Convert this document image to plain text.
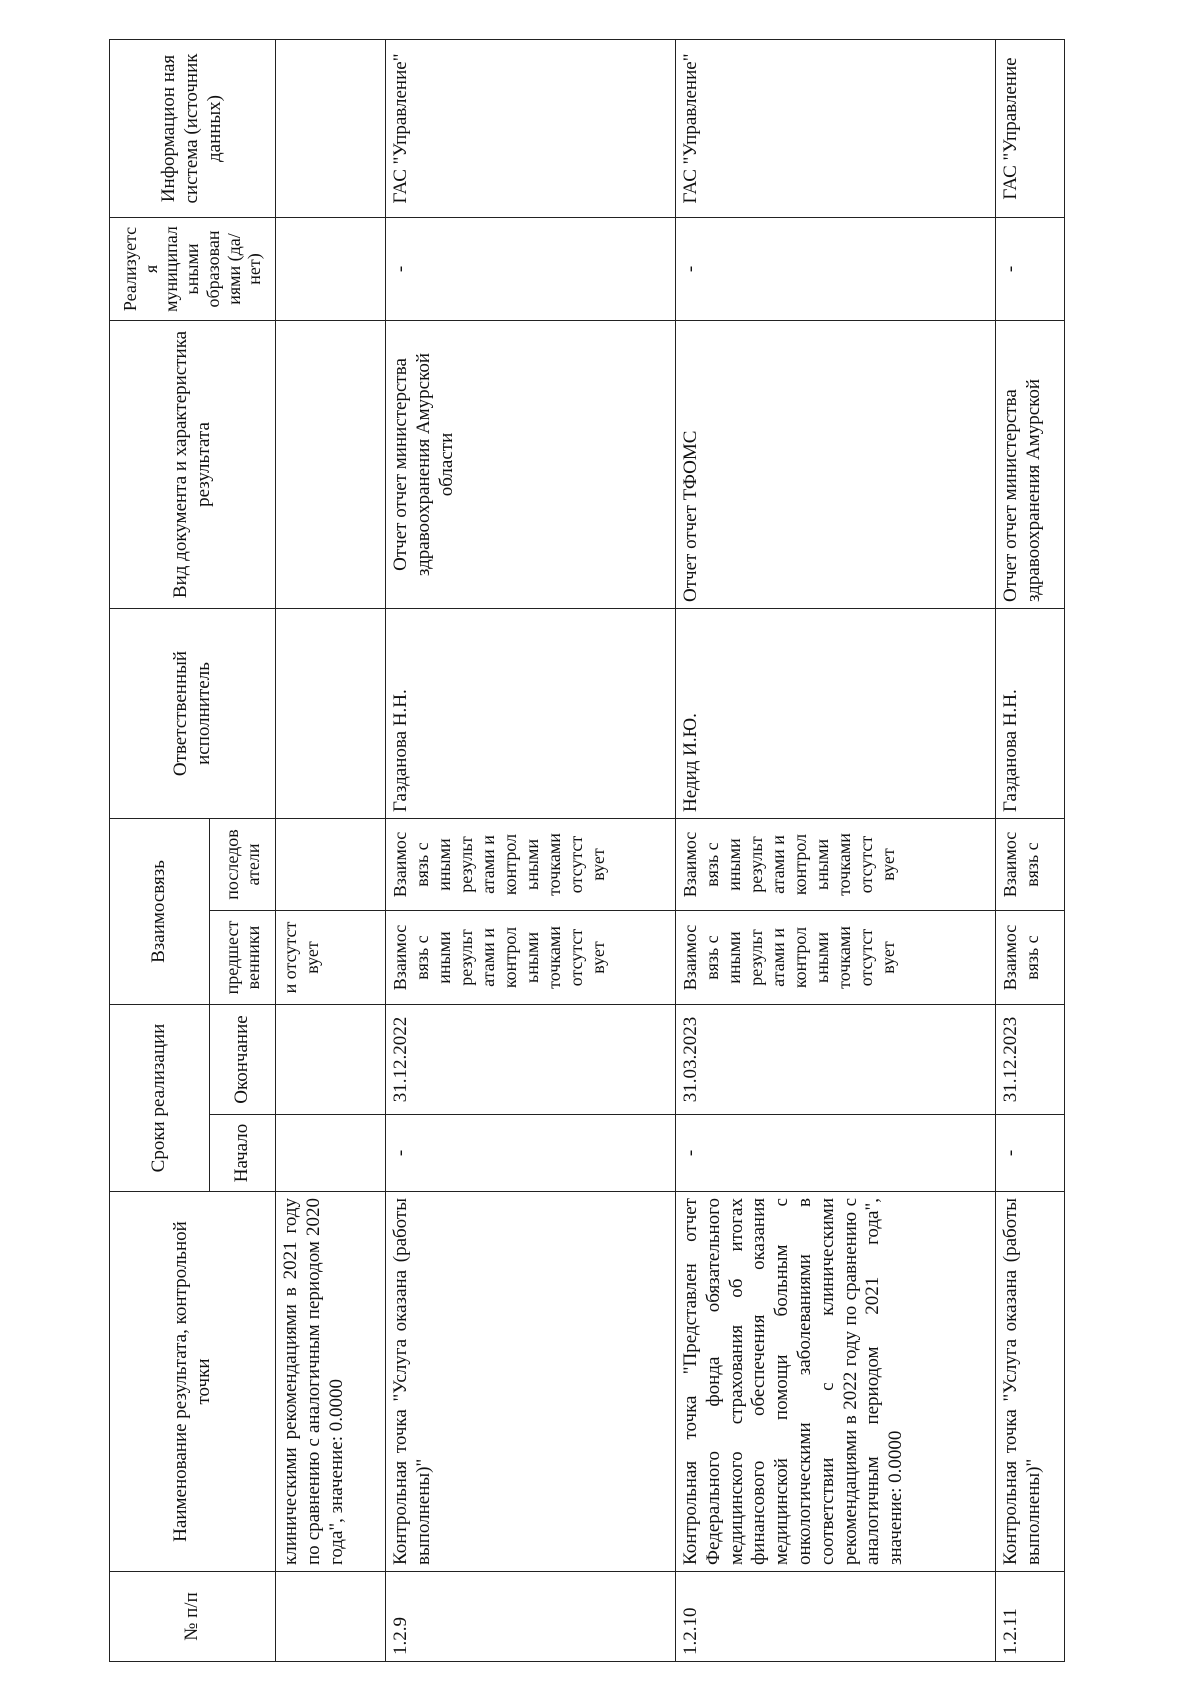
№ п/п	Наименование результата, контрольной точки	Сроки реализации		Взаимосвязь		Ответственный исполнитель	Вид документа и характеристика результата	Реализуетс я муниципал ьными образован иями (да/нет)	Информацион ная система (источник данных)
		Начало	Окончание	предшест венники	последов атели				
	клиническими рекомендациями в 2021 году по сравнению с аналогичным периодом 2020 года", значение: 0.0000			и отсутст вует					
1.2.9	Контрольная точка "Услуга оказана (работы выполнены)"	-	31.12.2022	Взаимос вязь с иными результ атами и контрол ьными точками отсутст вует	Взаимос вязь с иными результ атами и контрол ьными точками отсутст вует	Газданова Н.Н.	Отчет отчет министерства здравоохранения Амурской области	-	ГАС "Управление"
1.2.10	Контрольная точка "Представлен отчет Федерального фонда обязательного медицинского страхования об итогах финансового обеспечения оказания медицинской помощи больным с онкологическими заболеваниями в соответствии с клиническими рекомендациями в 2022 году по сравнению с аналогичным периодом 2021 года", значение: 0.0000	-	31.03.2023	Взаимос вязь с иными результ атами и контрол ьными точками отсутст вует	Взаимос вязь с иными результ атами и контрол ьными точками отсутст вует	Недид И.Ю.	Отчет отчет ТФОМС	-	ГАС "Управление"
1.2.11	Контрольная точка "Услуга оказана (работы выполнены)"	-	31.12.2023	Взаимос вязь с	Взаимос вязь с	Газданова Н.Н.	Отчет отчет министерства здравоохранения Амурской	-	ГАС "Управление
